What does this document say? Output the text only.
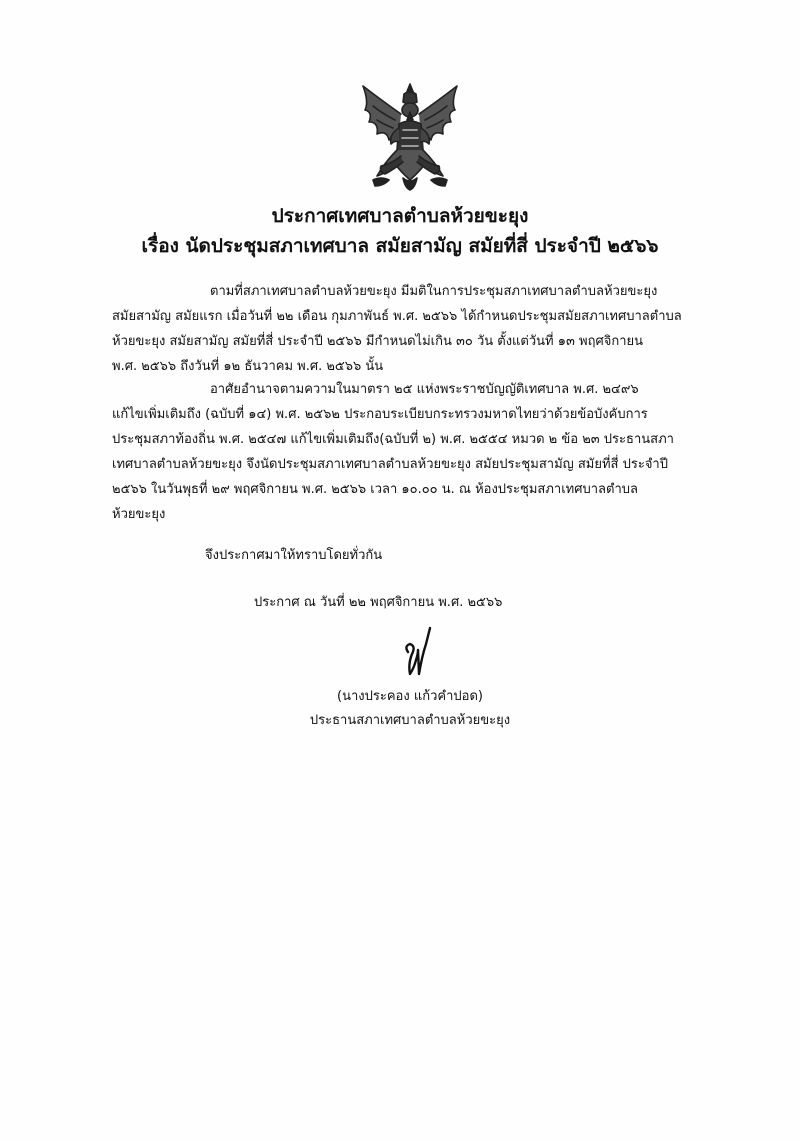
ประกาศเทศบาลตำบลห้วยขะยุง
เรื่อง นัดประชุมสภาเทศบาล สมัยสามัญ สมัยที่สี่ ประจำปี ๒๕๖๖
ตามที่สภาเทศบาลตำบลห้วยขะยุง มีมติในการประชุมสภาเทศบาลตำบลห้วยขะยุง
สมัยสามัญ สมัยแรก เมื่อวันที่ ๒๒ เดือน กุมภาพันธ์ พ.ศ. ๒๕๖๖ ได้กำหนดประชุมสมัยสภาเทศบาลตำบล
ห้วยขะยุง สมัยสามัญ สมัยที่สี่ ประจำปี ๒๕๖๖ มีกำหนดไม่เกิน ๓๐ วัน ตั้งแต่วันที่ ๑๓ พฤศจิกายน
พ.ศ. ๒๕๖๖ ถึงวันที่ ๑๒ ธันวาคม พ.ศ. ๒๕๖๖ นั้น
อาศัยอำนาจตามความในมาตรา ๒๕ แห่งพระราชบัญญัติเทศบาล พ.ศ. ๒๔๙๖
แก้ไขเพิ่มเติมถึง (ฉบับที่ ๑๔) พ.ศ. ๒๕๖๒ ประกอบระเบียบกระทรวงมหาดไทยว่าด้วยข้อบังคับการ
ประชุมสภาท้องถิ่น พ.ศ. ๒๕๔๗ แก้ไขเพิ่มเติมถึง(ฉบับที่ ๒) พ.ศ. ๒๕๕๔ หมวด ๒ ข้อ ๒๓ ประธานสภา
เทศบาลตำบลห้วยขะยุง จึงนัดประชุมสภาเทศบาลตำบลห้วยขะยุง สมัยประชุมสามัญ สมัยที่สี่ ประจำปี
๒๕๖๖ ในวันพุธที่ ๒๙ พฤศจิกายน พ.ศ. ๒๕๖๖ เวลา ๑๐.๐๐ น. ณ ห้องประชุมสภาเทศบาลตำบล
ห้วยขะยุง
จึงประกาศมาให้ทราบโดยทั่วกัน
ประกาศ ณ วันที่ ๒๒ พฤศจิกายน พ.ศ. ๒๕๖๖
(นางประคอง แก้วคำปอด)
ประธานสภาเทศบาลตำบลห้วยขะยุง
